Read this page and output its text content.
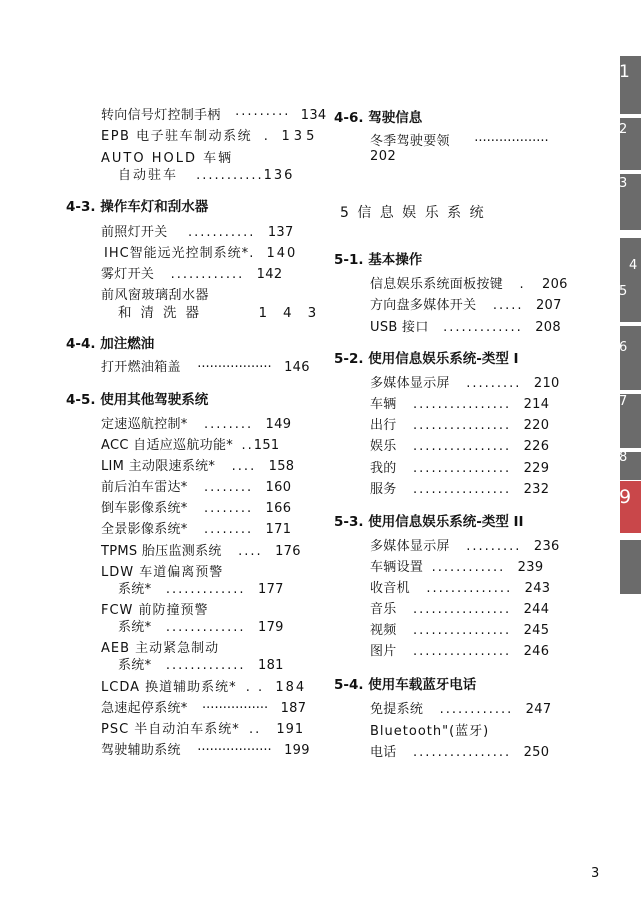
转向信号灯控制手柄 ········· 134
EPB 电子驻车制动系统 . 135
AUTO HOLD 车辆
自动驻车 ...........136
4-3. 操作车灯和刮水器
前照灯开关 ........... 137
IHC智能远光控制系统*. 140
雾灯开关 ............ 142
前风窗玻璃刮水器
和清洗器	143
4-4. 加注燃油
打开燃油箱盖 ·················· 146
4-5. 使用其他驾驶系统
定速巡航控制* ........ 149
ACC 自适应巡航功能* ..151
LIM 主动限速系统* .... 158
前后泊车雷达* ........ 160
倒车影像系统* ........ 166
全景影像系统* ........ 171
TPMS 胎压监测系统 .... 176
LDW 车道偏离预警
系统* ............. 177
FCW 前防撞预警
系统* ............. 179
AEB 主动紧急制动
系统* ............. 181
LCDA 换道辅助系统* . . 184
急速起停系统* ················ 187
PSC 半自动泊车系统* .. 191
驾驶辅助系统 ·················· 199
4-6. 驾驶信息
冬季驾驶要领 ··················
202
5 信 息 娱 乐 系 统
5-1. 基本操作
信息娱乐系统面板按键 . 206
方向盘多媒体开关 ..... 207
USB 接口 ............. 208
5-2. 使用信息娱乐系统-类型 I
多媒体显示屏 ......... 210
车辆 ................ 214
出行 ................ 220
娱乐 ................ 226
我的 ................ 229
服务 ................ 232
5-3. 使用信息娱乐系统-类型 II
多媒体显示屏 ......... 236
车辆设置 ............ 239
收音机 .............. 243
音乐 ................ 244
视频 ................ 245
图片 ................ 246
5-4. 使用车载蓝牙电话
免提系统 ............ 247
Bluetooth"(蓝牙)
电话 ................ 250
1
2
3
4
5
6
7
8
9
3
